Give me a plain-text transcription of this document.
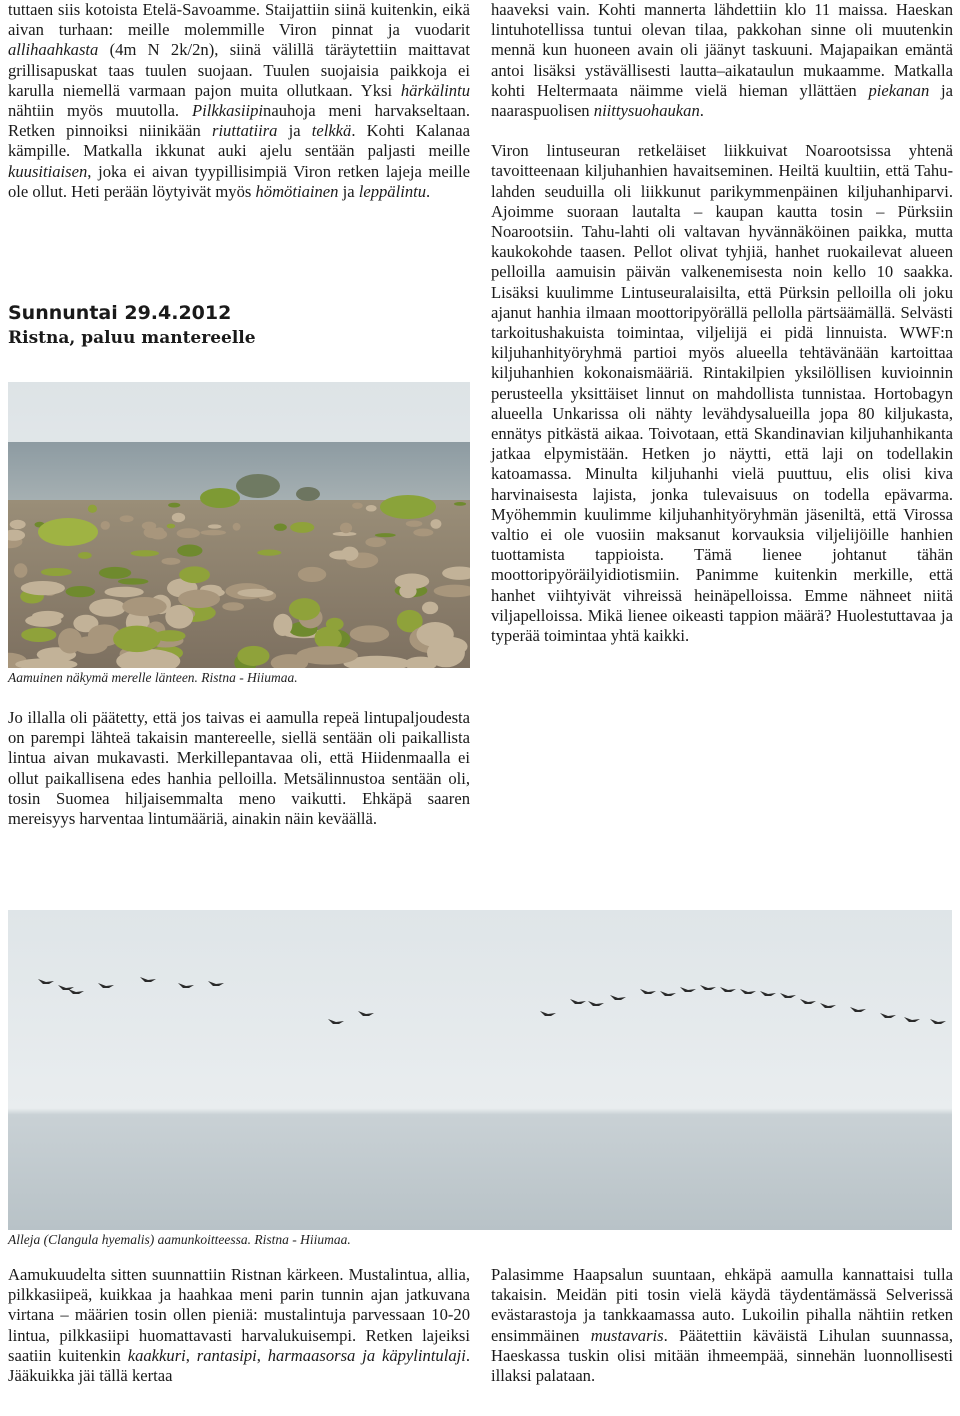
tuttaen siis kotoista Etelä-Savoamme. Staijattiin siinä kuitenkin, eikä aivan turhaan: meille molemmille Viron pinnat ja vuodarit allihaahkasta (4m N 2k/2n), siinä välillä täräytettiin maittavat grillisapuskat taas tuulen suojaan. Tuulen suojaisia paikkoja ei karulla niemellä varmaan pajon muita ollutkaan. Yksi härkälintu nähtiin myös muutolla. Pilkkasiipinauhoja meni harvakseltaan. Retken pinnoiksi niinikään riuttatiira ja telkkä. Kohti Kalanaa kämpille. Matkalla ikkunat auki ajelu sentään paljasti meille kuusitiaisen, joka ei aivan tyypillisimpiä Viron retken lajeja meille ole ollut. Heti perään löytyivät myös hömötiainen ja leppälintu.

Sunnuntai 29.4.2012
Ristna, paluu mantereelle
Aamuinen näkymä merelle länteen. Ristna - Hiiumaa.

Jo illalla oli päätetty, että jos taivas ei aamulla repeä lintupaljoudesta on parempi lähteä takaisin mantereelle, siellä sentään oli paikallista lintua aivan mukavasti. Merkillepantavaa oli, että Hiidenmaalla ei ollut paikallisena edes hanhia pelloilla. Metsälinnustoa sentään oli, tosin Suomea hiljaisemmalta meno vaikutti. Ehkäpä saaren mereisyys harventaa lintumääriä, ainakin näin keväällä.

haaveksi vain. Kohti mannerta lähdettiin klo 11 maissa. Haeskan lintuhotellissa tuntui olevan tilaa, pakkohan sinne oli muutenkin mennä kun huoneen avain oli jäänyt taskuuni. Majapaikan emäntä antoi lisäksi ystävällisesti lautta–aikataulun mukaamme. Matkalla kohti Heltermaata näimme vielä hieman yllättäen piekanan ja naaraspuolisen niittysuohaukan.

Viron lintuseuran retkeläiset liikkuivat Noarootsissa yhtenä tavoitteenaan kiljuhanhien havaitseminen. Heiltä kuultiin, että Tahu-lahden seuduilla oli liikkunut parikymmenpäinen kiljuhanhiparvi. Ajoimme suoraan lautalta – kaupan kautta tosin – Pürksiin Noarootsiin. Tahu-lahti oli valtavan hyvännäköinen paikka, mutta kaukokohde taasen. Pellot olivat tyhjiä, hanhet ruokailevat alueen pelloilla aamuisin päivän valkenemisesta noin kello 10 saakka. Lisäksi kuulimme Lintuseuralaisilta, että Pürksin pelloilla oli joku ajanut hanhia ilmaan moottoripyörällä pellolla pärtsäämällä. Selvästi tarkoitushakuista toimintaa, viljelijä ei pidä linnuista. WWF:n kiljuhanhityöryhmä partioi myös alueella tehtävänään kartoittaa kiljuhanhien kokonaismääriä. Rintakilpien yksilöllisen kuvioinnin perusteella yksittäiset linnut on mahdollista tunnistaa. Hortobagyn alueella Unkarissa oli nähty levähdysalueilla jopa 80 kiljukasta, ennätys pitkästä aikaa. Toivotaan, että Skandinavian kiljuhanhikanta jatkaa elpymistään. Hetken jo näytti, että laji on todellakin katoamassa. Minulta kiljuhanhi vielä puuttuu, elis olisi kiva harvinaisesta lajista, jonka tulevaisuus on todella epävarma. Myöhemmin kuulimme kiljuhanhityöryhmän jäseniltä, että Virossa valtio ei ole vuosiin maksanut korvauksia viljelijöille hanhien tuottamista tappioista. Tämä lienee johtanut tähän moottoripyöräilyidiotismiin. Panimme kuitenkin merkille, että hanhet viihtyivät vihreissä heinäpelloissa. Emme nähneet niitä viljapelloissa. Mikä lienee oikeasti tappion määrä? Huolestuttavaa ja typerää toimintaa yhtä kaikki.

Alleja (Clangula hyemalis) aamunkoitteessa. Ristna - Hiiumaa.

Aamukuudelta sitten suunnattiin Ristnan kärkeen. Mustalintua, allia, pilkkasiipeä, kuikkaa ja haahkaa meni parin tunnin ajan jatkuvana virtana – määrien tosin ollen pieniä: mustalintuja parvessaan 10-20 lintua, pilkkasiipi huomattavasti harvalukuisempi. Retken lajeiksi saatiin kuitenkin kaakkuri, rantasipi, harmaasorsa ja käpylintulaji. Jääkuikka jäi tällä kertaa

Palasimme Haapsalun suuntaan, ehkäpä aamulla kannattaisi tulla takaisin. Meidän piti tosin vielä käydä täydentämässä Selverissä evästarastoja ja tankkaamassa auto. Lukoilin pihalla nähtiin retken ensimmäinen mustavaris. Päätettiin käväistä Lihulan suunnassa, Haeskassa tuskin olisi mitään ihmeempää, sinnehän luonnollisesti illaksi palataan.
